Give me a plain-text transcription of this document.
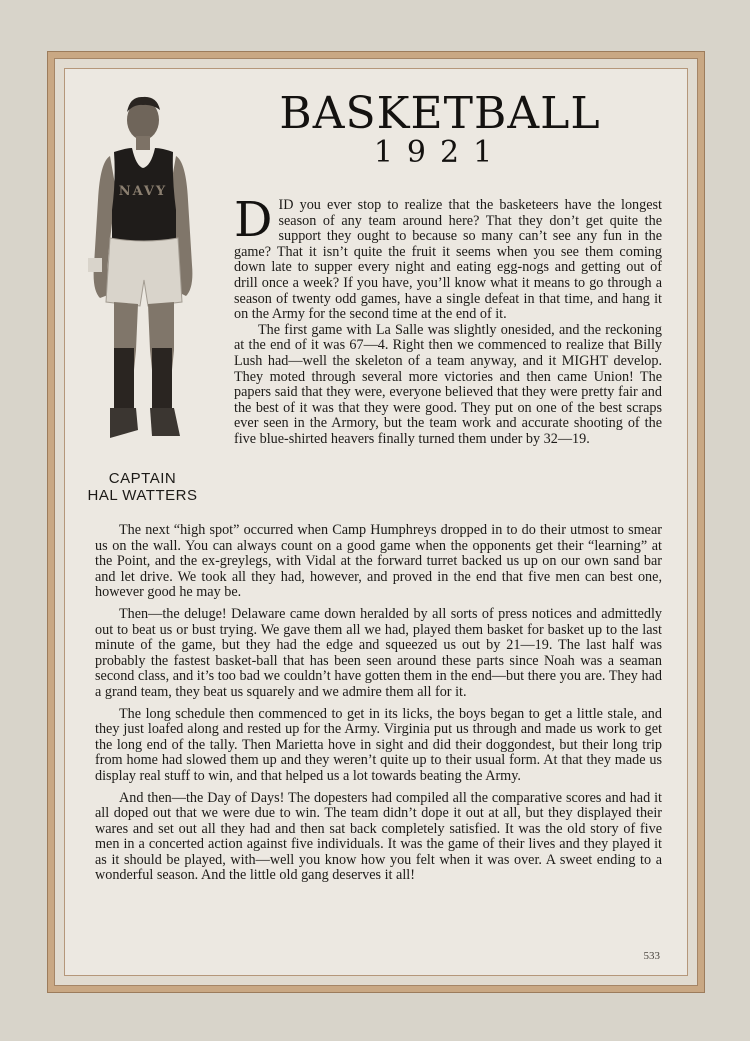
BASKETBALL
1921
NAVY
CAPTAIN
HAL WATTERS

DID you ever stop to realize that the basketeers have the longest season of any team around here? That they don’t get quite the support they ought to because so many can’t see any fun in the game? That it isn’t quite the fruit it seems when you see them coming down late to supper every night and eating egg-nogs and getting out of drill once a week? If you have, you’ll know what it means to go through a season of twenty odd games, have a single defeat in that time, and hang it on the Army for the second time at the end of it.

The first game with La Salle was slightly onesided, and the reckoning at the end of it was 67—4. Right then we commenced to realize that Billy Lush had—well the skeleton of a team anyway, and it MIGHT develop. They moted through several more victories and then came Union! The papers said that they were, everyone believed that they were pretty fair and the best of it was that they were good. They put on one of the best scraps ever seen in the Armory, but the team work and accurate shooting of the five blue-shirted heavers finally turned them under by 32—19.

The next “high spot” occurred when Camp Humphreys dropped in to do their utmost to smear us on the wall. You can always count on a good game when the opponents get their “learning” at the Point, and the ex-greylegs, with Vidal at the forward turret backed us up on our own sand bar and let drive. We took all they had, however, and proved in the end that five men can best one, however good he may be.

Then—the deluge! Delaware came down heralded by all sorts of press notices and admittedly out to beat us or bust trying. We gave them all we had, played them basket for basket up to the last minute of the game, but they had the edge and squeezed us out by 21—19. The last half was probably the fastest basket-ball that has been seen around these parts since Noah was a seaman second class, and it’s too bad we couldn’t have gotten them in the end—but there you are. They had a grand team, they beat us squarely and we admire them all for it.

The long schedule then commenced to get in its licks, the boys began to get a little stale, and they just loafed along and rested up for the Army. Virginia put us through and made us work to get the long end of the tally. Then Marietta hove in sight and did their doggondest, but their long trip from home had slowed them up and they weren’t quite up to their usual form. At that they made us display real stuff to win, and that helped us a lot towards beating the Army.

And then—the Day of Days! The dopesters had compiled all the comparative scores and had it all doped out that we were due to win. The team didn’t dope it out at all, but they displayed their wares and set out all they had and then sat back completely satisfied. It was the old story of five men in a concerted action against five individuals. It was the game of their lives and they played it as it should be played, with—well you know how you felt when it was over. A sweet ending to a wonderful season. And the little old gang deserves it all!

533
